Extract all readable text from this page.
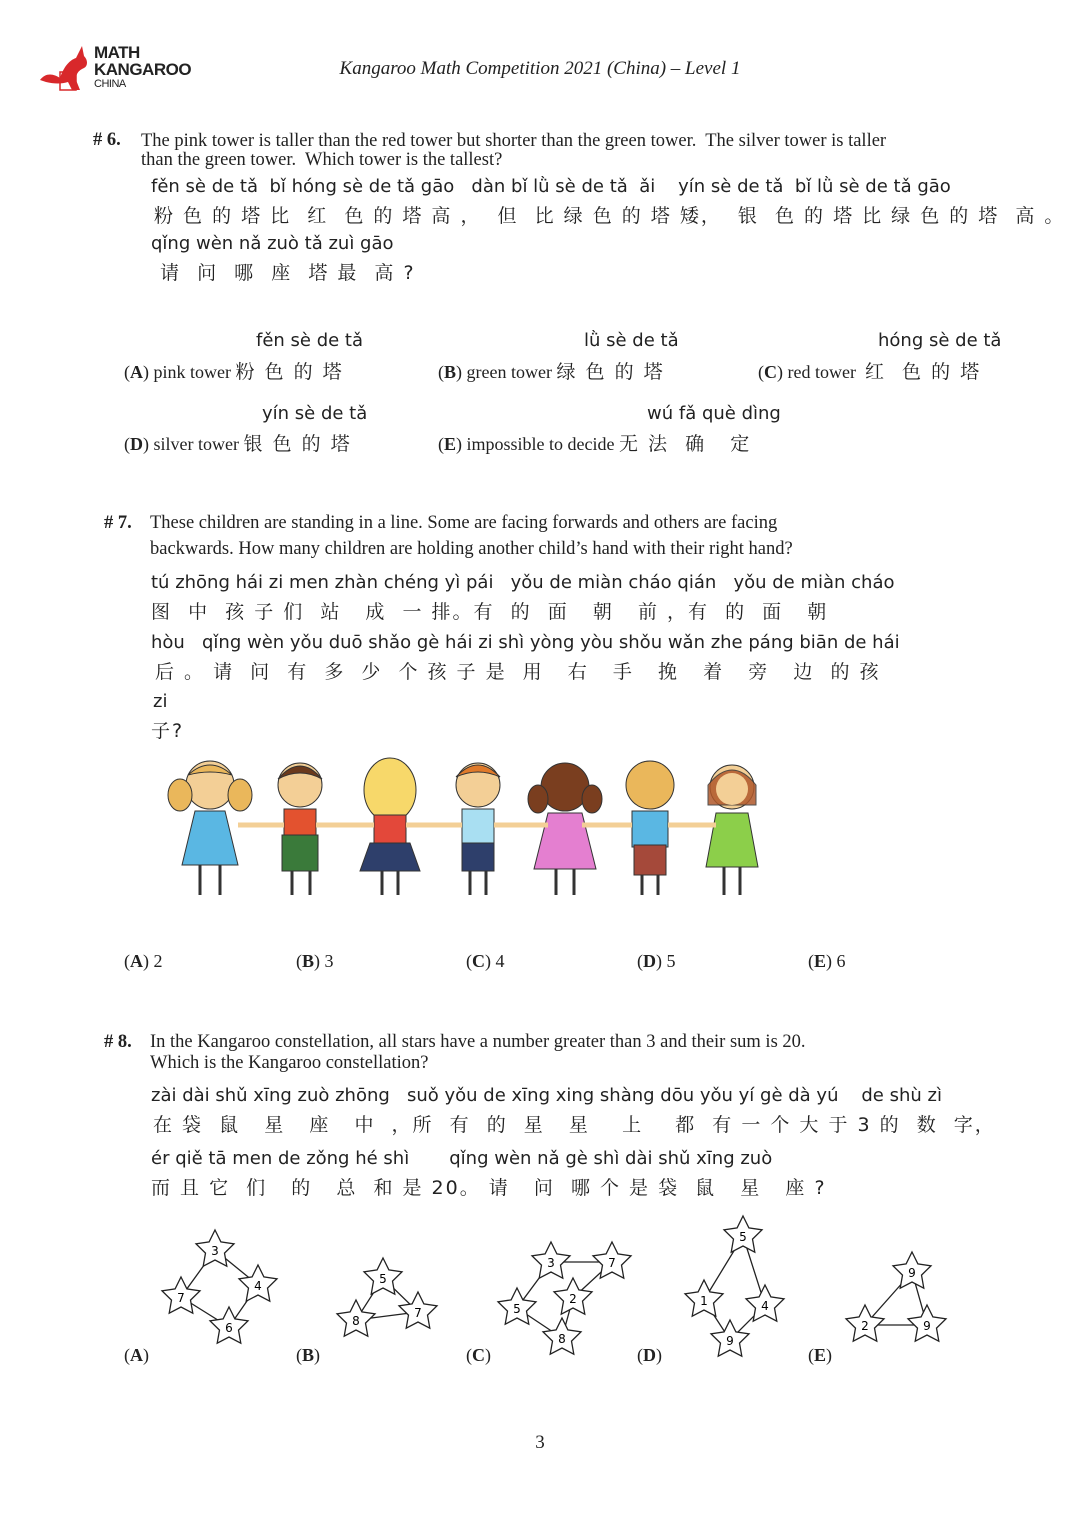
MATH
KANGAROO
CHINA
Kangaroo Math Competition 2021 (China) – Level 1
# 6. The pink tower is taller than the red tower but shorter than the green tower.  The silver tower is taller
than the green tower.  Which tower is the tallest?
fěn sè de tǎ  bǐ hóng sè de tǎ gāo   dàn bǐ lǜ sè de tǎ  ǎi    yín sè de tǎ  bǐ lǜ sè de tǎ gāo
粉 色 的 塔 比  红  色 的 塔 高 ，  但  比 绿 色 的 塔 矮，  银  色 的 塔 比 绿 色 的 塔  高 。
qǐng wèn nǎ zuò tǎ zuì gāo
请  问  哪  座  塔 最  高 ?
fěn sè de tǎ
(A) pink tower 粉 色 的 塔
lǜ sè de tǎ
(B) green tower 绿 色 的 塔
hóng sè de tǎ
(C) red tower 红  色 的 塔
yín sè de tǎ
(D) silver tower 银 色 的 塔
wú fǎ què dìng
(E) impossible to decide 无 法  确   定
# 7. These children are standing in a line. Some are facing forwards and others are facing
backwards. How many children are holding another child’s hand with their right hand?
tú zhōng hái zi men zhàn chéng yì pái   yǒu de miàn cháo qián   yǒu de miàn cháo
图  中  孩 子 们  站   成  一 排。有  的  面   朝   前 ，有  的  面   朝
hòu   qǐng wèn yǒu duō shǎo gè hái zi shì yòng yòu shǒu wǎn zhe páng biān de hái
后 。 请  问  有  多  少  个 孩 子 是  用   右   手   挽   着   旁   边  的 孩
zi
子?
(A) 2	(B) 3	(C) 4	(D) 5	(E) 6
# 8. In the Kangaroo constellation, all stars have a number greater than 3 and their sum is 20.
Which is the Kangaroo constellation?
zài dài shǔ xīng zuò zhōng   suǒ yǒu de xīng xing shàng dōu yǒu yí gè dà yú    de shù zì
在 袋  鼠   星   座   中  ，所  有  的  星   星    上    都  有 一 个 大 于 3 的  数  字，
ér qiě tā men de zǒng hé shì       qǐng wèn nǎ gè shì dài shǔ xīng zuò
而 且 它  们   的   总  和 是 20。 请   问  哪 个 是 袋  鼠   星   座 ?
3
7
4
6
5
8
7
3	7
5
2
8
5
1	4
9
9
2	9
(A)	(B)	(C)	(D)	(E)
3
